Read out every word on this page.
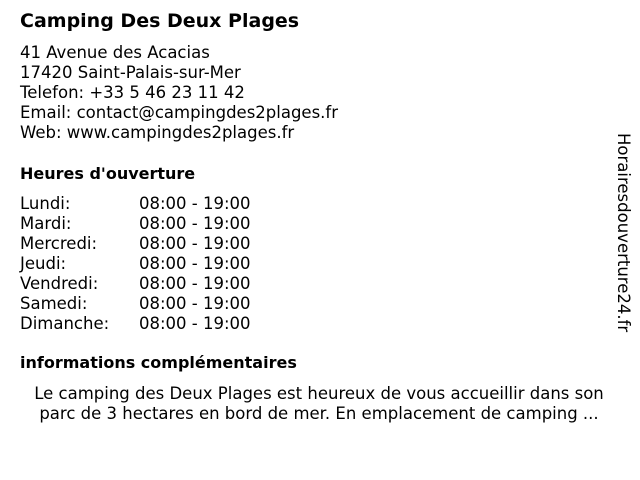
Camping Des Deux Plages
41 Avenue des Acacias
17420 Saint-Palais-sur-Mer
Telefon: +33 5 46 23 11 42
Email: contact@campingdes2plages.fr
Web: www.campingdes2plages.fr
Heures d'ouverture
Lundi:	08:00 - 19:00
Mardi:	08:00 - 19:00
Mercredi:	08:00 - 19:00
Jeudi:	08:00 - 19:00
Vendredi: 08:00 - 19:00
Samedi:	08:00 - 19:00
Dimanche: 08:00 - 19:00
informations complémentaires
Le camping des Deux Plages est heureux de vous accueillir dans son parc de 3 hectares en bord de mer. En emplacement de camping ...
Horairesdouverture24.fr
